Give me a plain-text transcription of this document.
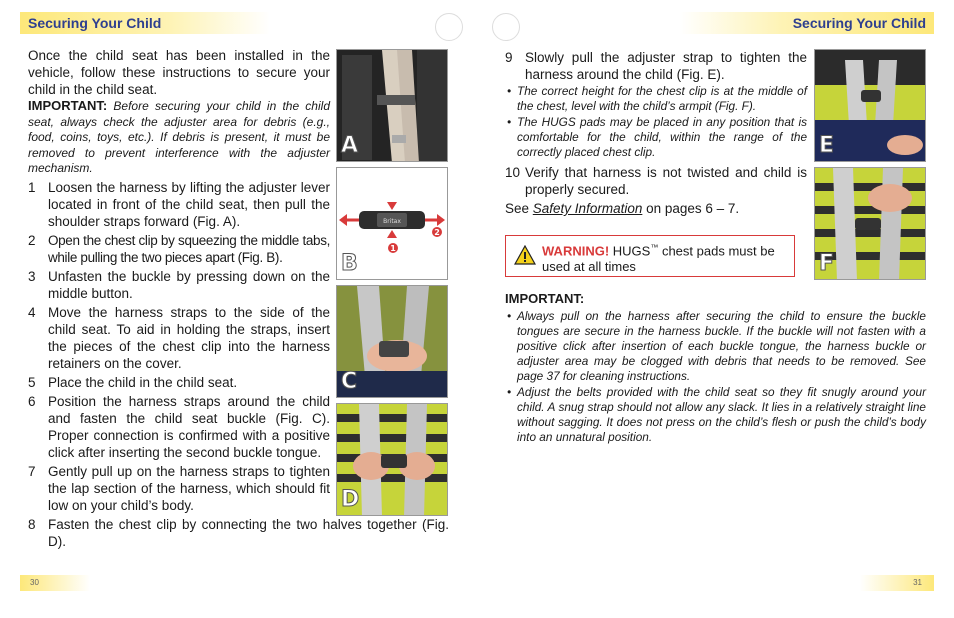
Securing Your Child	Securing Your Child

Once the child seat has been installed in the vehicle, follow these instructions to secure your child in the child seat.

IMPORTANT: Before securing your child in the child seat, always check the adjuster area for debris (e.g., food, coins, toys, etc.). If debris is present, it must be removed to prevent interference with the adjuster mechanism.

1 Loosen the harness by lifting the adjuster lever located in front of the child seat, then pull the shoulder straps forward (Fig. A).
2 Open the chest clip by squeezing the middle tabs, while pulling the two pieces apart (Fig. B).
3 Unfasten the buckle by pressing down on the middle button.
4 Move the harness straps to the side of the child seat. To aid in holding the straps, insert the pieces of the chest clip into the harness retainers on the cover.
5 Place the child in the child seat.
6 Position the harness straps around the child and fasten the child seat buckle (Fig. C). Proper connection is confirmed with a positive click after inserting the second buckle tongue.
7 Gently pull up on the harness straps to tighten the lap section of the harness, which should fit low on your child’s body.
8 Fasten the chest clip by connecting the two halves together (Fig. D).
A
Britax
1
2
B
C
D
9 Slowly pull the adjuster strap to tighten the harness around the child (Fig. E).
• The correct height for the chest clip is at the middle of the chest, level with the child’s armpit (Fig. F).
• The HUGS pads may be placed in any position that is comfortable for the child, within the range of the correctly placed chest clip.
10 Verify that harness is not twisted and child is properly secured.

See Safety Information on pages 6 – 7.

WARNING! HUGS™ chest pads must be used at all times

IMPORTANT:

• Always pull on the harness after securing the child to ensure the buckle tongues are secure in the harness buckle. If the buckle will not fasten with a positive click after insertion of each buckle tongue, the harness buckle or adjuster area may be clogged with debris that needs to be removed. See page 37 for cleaning instructions.
• Adjust the belts provided with the child seat so they fit snugly around your child. A snug strap should not allow any slack. It lies in a relatively straight line without sagging. It does not press on the child’s flesh or push the child’s body into an unnatural position.
E
F
30	31
